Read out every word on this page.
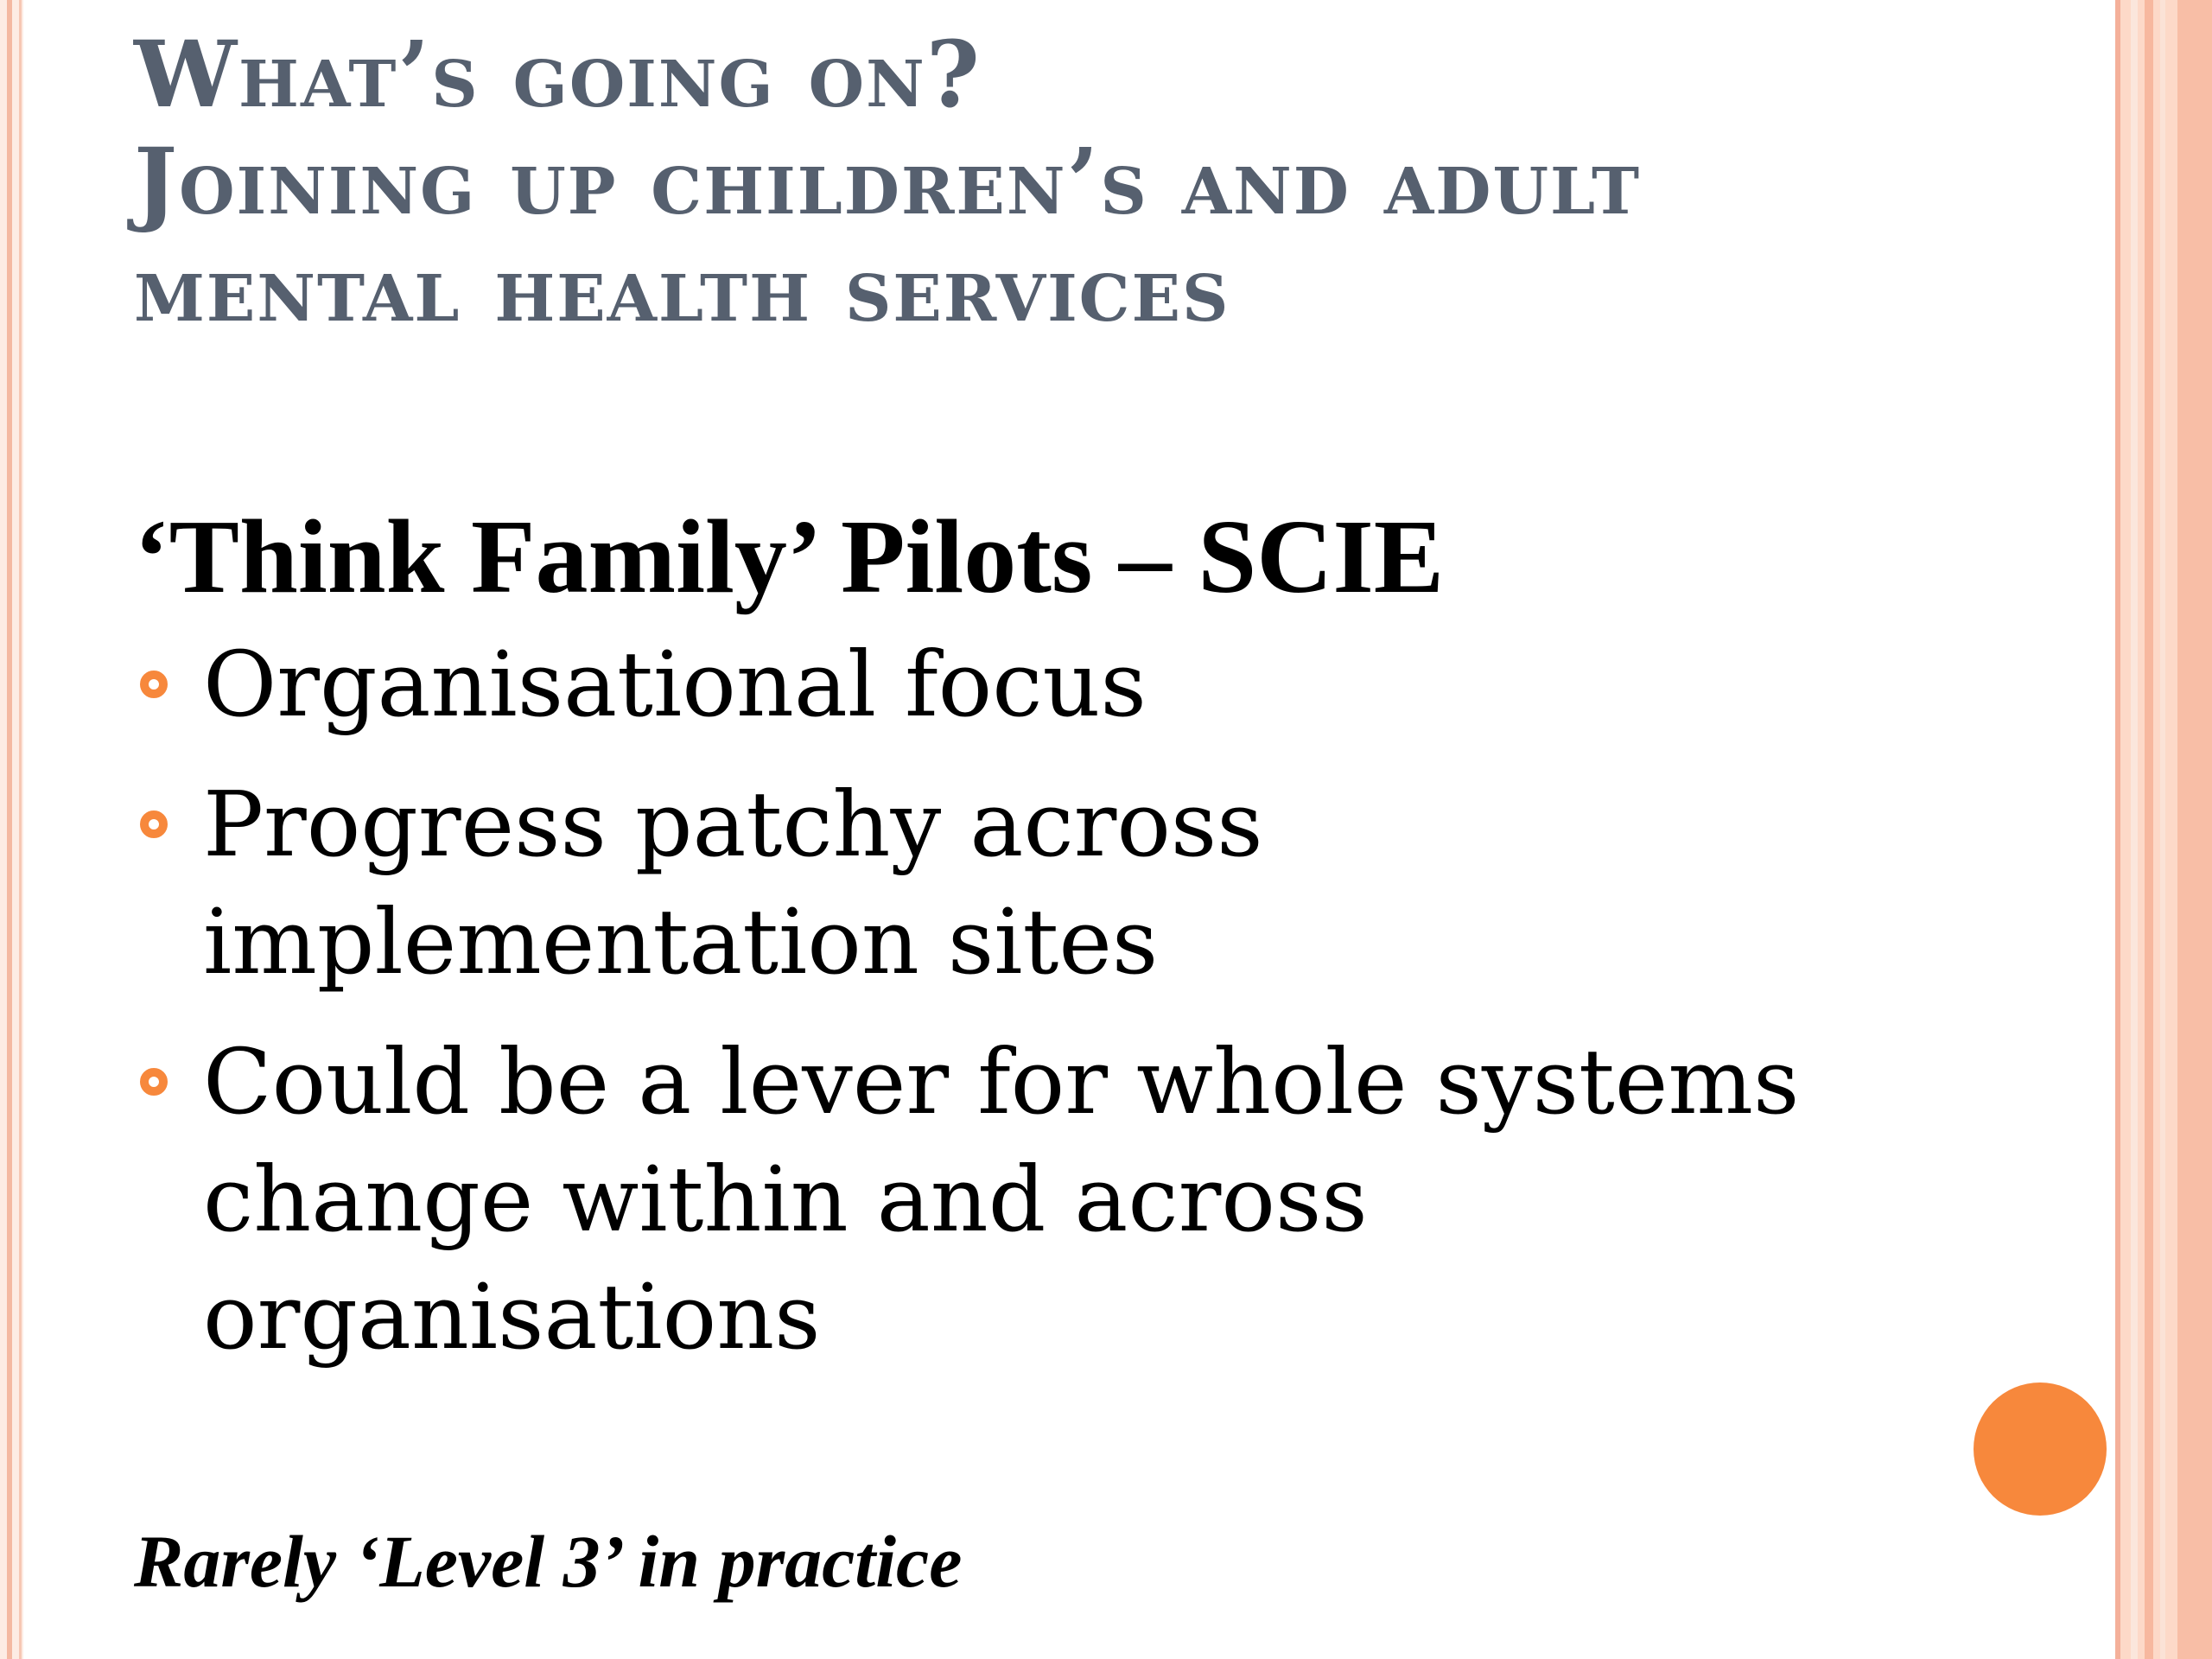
What’s going on?
Joining up children’s and adult
mental health services
‘Think Family’ Pilots – SCIE
Organisational focus
Progress patchy across implementation sites
Could be a lever for whole systems change within and across organisations
Rarely ‘Level 3’ in practice
